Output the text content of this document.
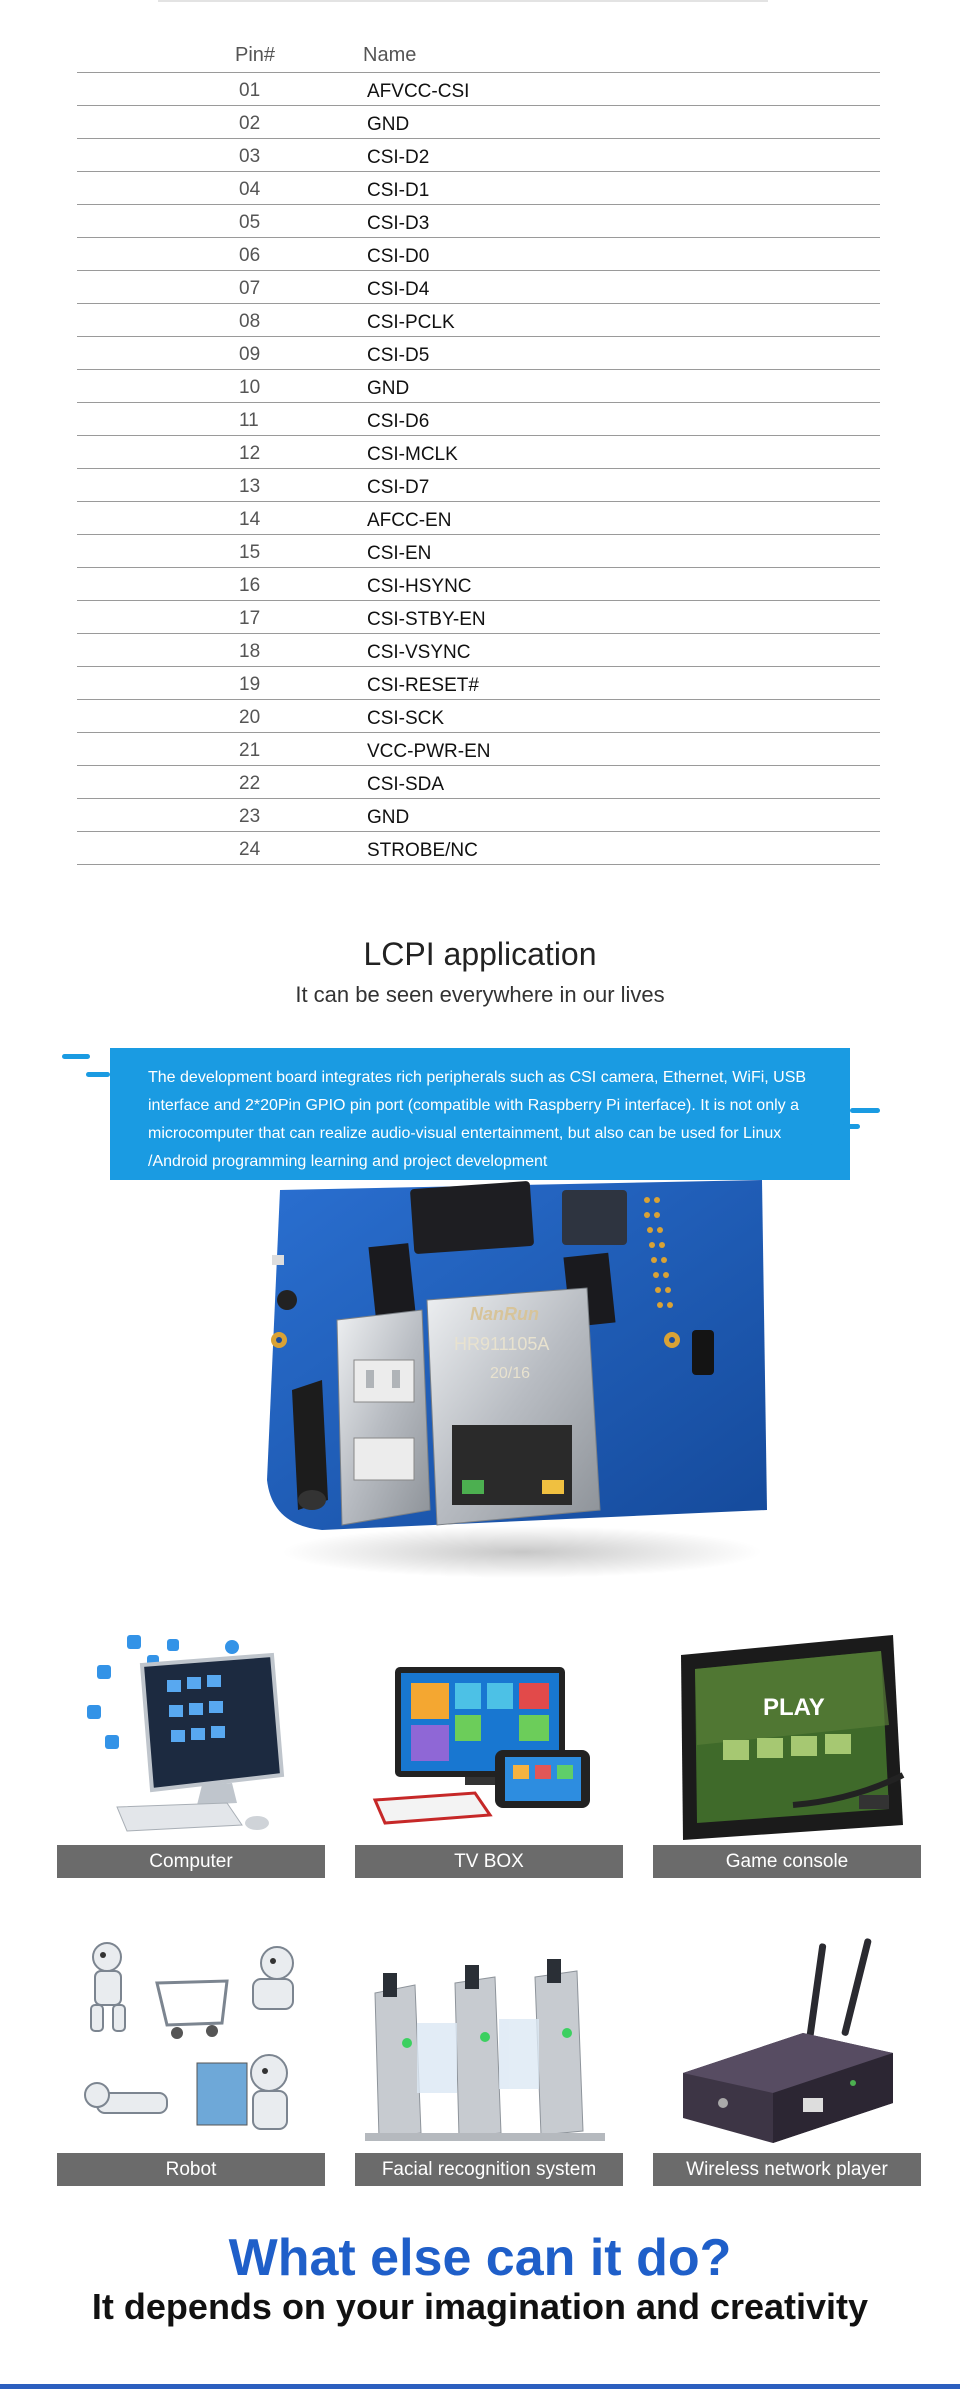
Pin#	Name
01	AFVCC-CSI
02	GND
03	CSI-D2
04	CSI-D1
05	CSI-D3
06	CSI-D0
07	CSI-D4
08	CSI-PCLK
09	CSI-D5
10	GND
11	CSI-D6
12	CSI-MCLK
13	CSI-D7
14	AFCC-EN
15	CSI-EN
16	CSI-HSYNC
17	CSI-STBY-EN
18	CSI-VSYNC
19	CSI-RESET#
20	CSI-SCK
21	VCC-PWR-EN
22	CSI-SDA
23	GND
24	STROBE/NC
LCPI application
It can be seen everywhere in our lives

The development board integrates rich peripherals such as CSI camera, Ethernet, WiFi, USB interface and 2*20Pin GPIO pin port (compatible with Raspberry Pi interface). It is not only a microcomputer that can realize audio-visual entertainment, but also can be used for Linux /Android programming learning and project development

NanRun
HR911105A
20/16
Computer	TV BOX
PLAY
Game console
Robot	Facial recognition system	Wireless network player
What else can it do?
It depends on your imagination and creativity
